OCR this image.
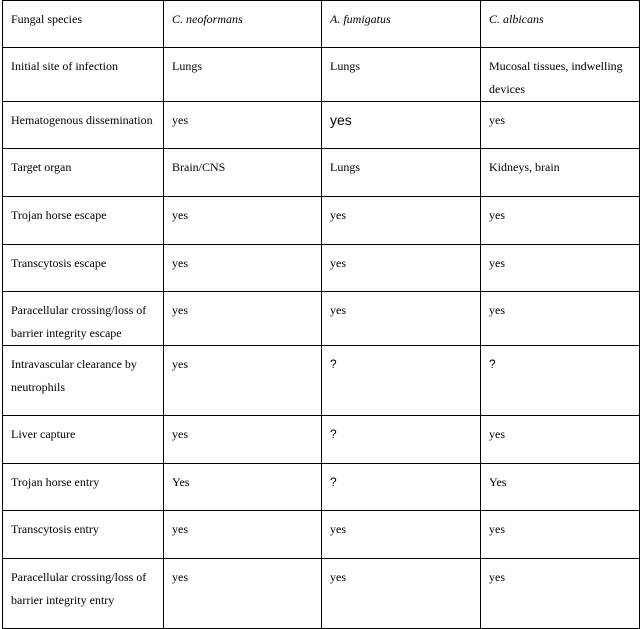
Fungal species	C. neoformans	A. fumigatus	C. albicans
Initial site of infection	Lungs	Lungs	Mucosal tissues, indwelling devices
Hematogenous dissemination	yes	yes	yes
Target organ	Brain/CNS	Lungs	Kidneys, brain
Trojan horse escape	yes	yes	yes
Transcytosis escape	yes	yes	yes
Paracellular crossing/loss of barrier integrity escape	yes	yes	yes
Intravascular clearance by neutrophils	yes	?	?
Liver capture	yes	?	yes
Trojan horse entry	Yes	?	Yes
Transcytosis entry	yes	yes	yes
Paracellular crossing/loss of barrier integrity entry	yes	yes	yes
